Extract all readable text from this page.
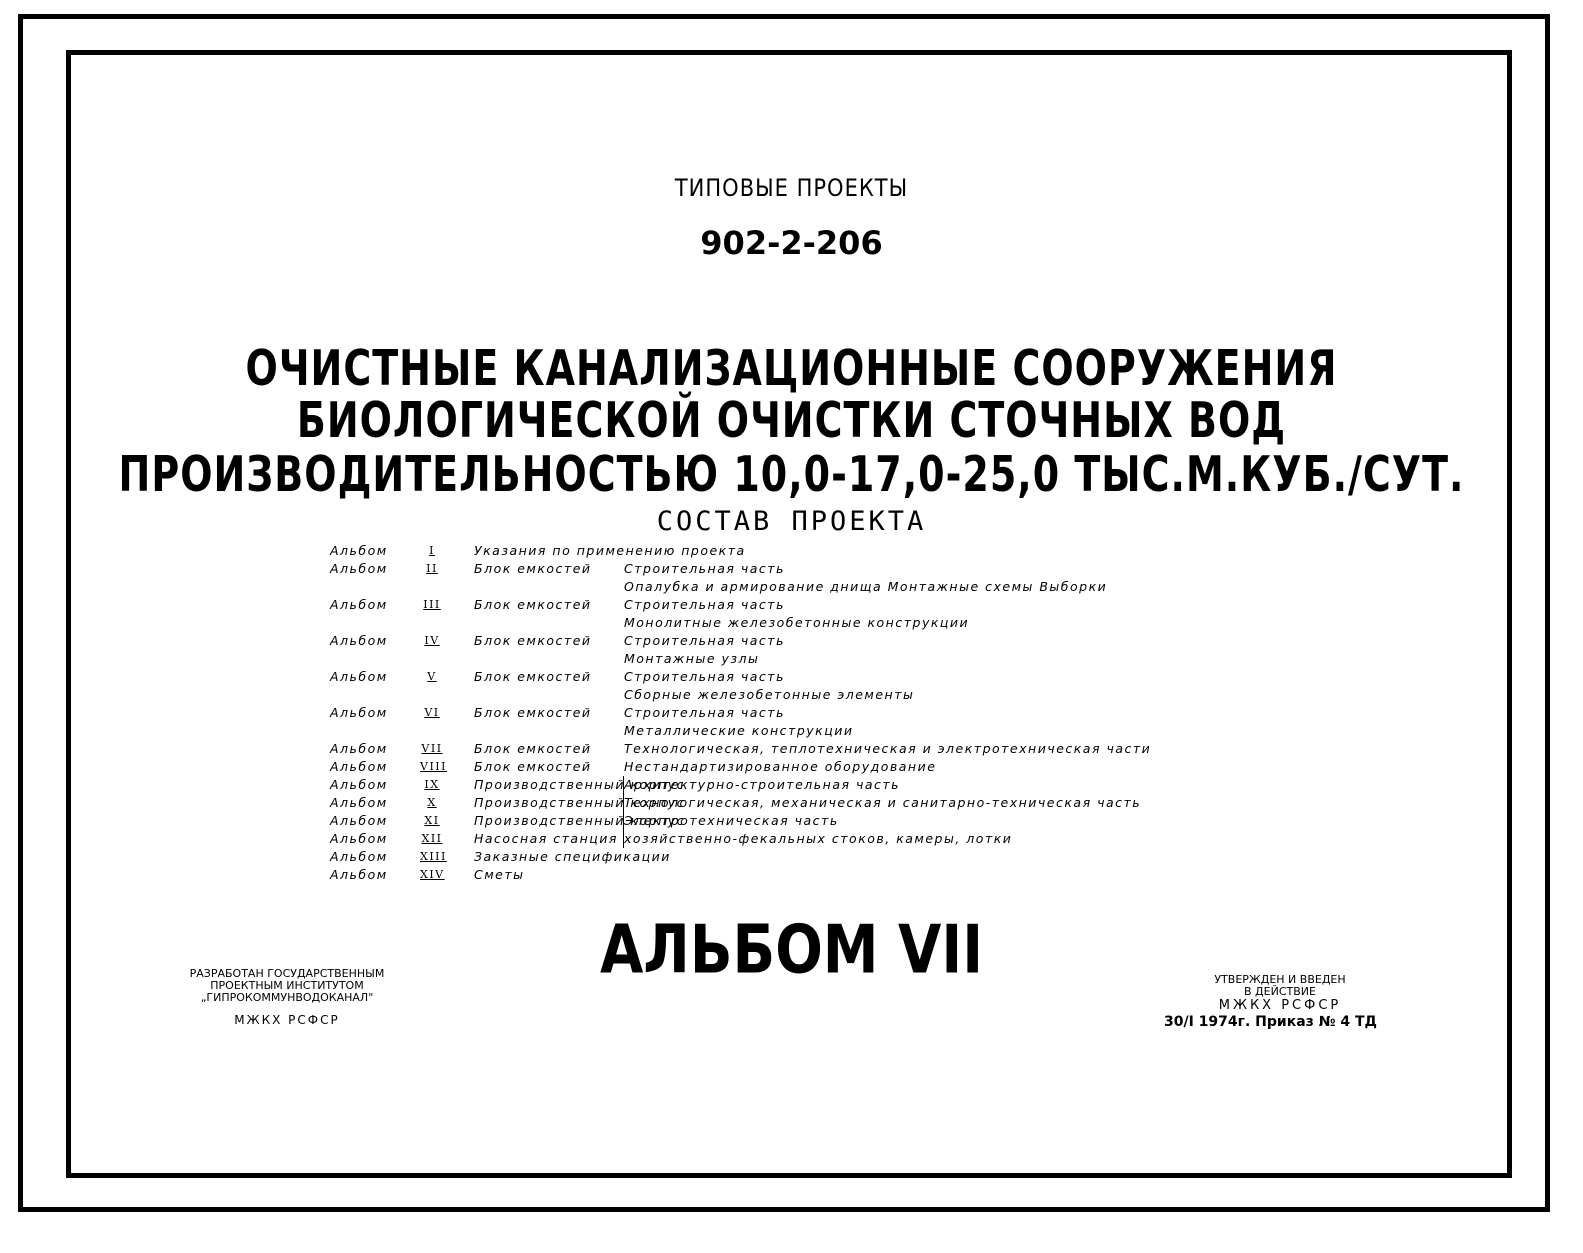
ТИПОВЫЕ ПРОЕКТЫ
902-2-206
ОЧИСТНЫЕ КАНАЛИЗАЦИОННЫЕ СООРУЖЕНИЯ
БИОЛОГИЧЕСКОЙ ОЧИСТКИ СТОЧНЫХ ВОД
ПРОИЗВОДИТЕЛЬНОСТЬЮ 10,0-17,0-25,0 ТЫС.М.КУБ./СУТ.
СОСТАВ ПРОЕКТА
Альбом	I	Указания по применению проекта
Альбом	II	Блок емкостей	Строительная часть
Опалубка и армирование днища Монтажные схемы Выборки
Альбом	III	Блок емкостей	Строительная часть
Монолитные железобетонные конструкции
Альбом	IV	Блок емкостей	Строительная часть
Монтажные узлы
Альбом	V	Блок емкостей	Строительная часть
Сборные железобетонные элементы
Альбом	VI	Блок емкостей	Строительная часть
Металлические конструкции
Альбом	VII	Блок емкостей	Технологическая, теплотехническая и электротехническая части
Альбом	VIII Блок емкостей	Нестандартизированное оборудование
Альбом	IX	Производственный корпус
Архитектурно-строительная часть
Альбом	X	Производственный корпус
Технологическая, механическая и санитарно-техническая часть
Альбом	XI	Производственный корпус
Электротехническая часть
Альбом	XII	Насосная станция хозяйственно-фекальных стоков, камеры, лотки
Альбом	XIII Заказные спецификации
Альбом	XIV Сметы
АЛЬБОМ VII
РАЗРАБОТАН ГОСУДАРСТВЕННЫМ
ПРОЕКТНЫМ ИНСТИТУТОМ
„ГИПРОКОММУНВОДОКАНАЛ"
МЖКХ РСФСР
УТВЕРЖДЕН И ВВЕДЕН
В ДЕЙСТВИЕ
МЖКХ РСФСР
30/I 1974г. Приказ № 4 ТД
